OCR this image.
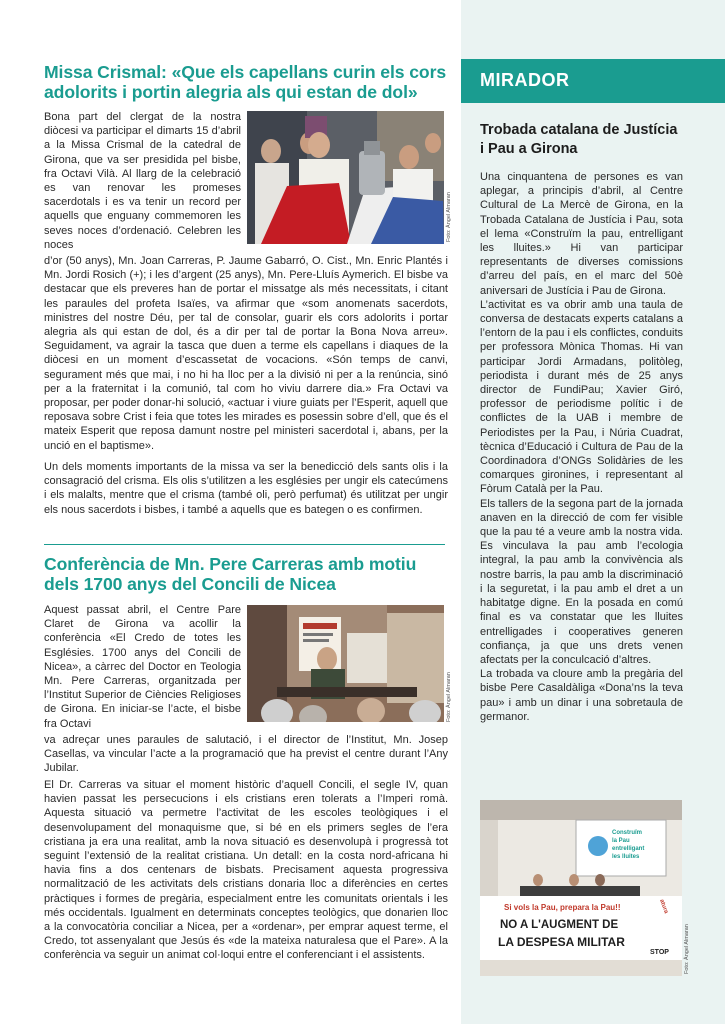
Missa Crismal: «Que els capellans curin els cors adolorits i portin alegria als qui estan de dol»
Bona part del clergat de la nostra diòcesi va participar el dimarts 15 d’abril a la Missa Crismal de la catedral de Girona, que va ser presidida pel bisbe, fra Octavi Vilà. Al llarg de la celebració es van renovar les promeses sacerdotals i es va tenir un record per aquells que enguany commemoren les seves noces d’ordenació. Celebren les noces
Foto: Àngel Almaran
d’or (50 anys), Mn. Joan Carreras, P. Jaume Gabarró, O. Cist., Mn. Enric Plantés i Mn. Jordi Rosich (+); i les d’argent (25 anys), Mn. Pere-Lluís Aymerich. El bisbe va destacar que els preveres han de portar el missatge als més necessitats, i citant les paraules del profeta Isaïes, va afirmar que «som anomenats sacerdots, ministres del nostre Déu, per tal de consolar, guarir els cors adolorits i portar alegria als qui estan de dol, és a dir per tal de portar la Bona Nova arreu». Seguidament, va agrair la tasca que duen a terme els capellans i diaques de la diòcesi en un moment d’escassetat de vocacions. «Són temps de canvi, segurament més que mai, i no hi ha lloc per a la divisió ni per a la renúncia, sinó per a la fraternitat i la comunió, tal com ho viviu darrere dia.» Fra Octavi va proposar, per poder donar-hi solució, «actuar i viure guiats per l’Esperit, aquell que reposava sobre Crist i feia que totes les mirades es posessin sobre d’ell, que és el mateix Esperit que reposa damunt nostre pel ministeri sacerdotal i, abans, per la unció en el baptisme».
Un dels moments importants de la missa va ser la benedicció dels sants olis i la consagració del crisma. Els olis s’utilitzen a les esglésies per ungir els catecúmens i els malalts, mentre que el crisma (també oli, però perfumat) és utilitzat per ungir els nous sacerdots i bisbes, i també a aquells que es bategen o es confirmen.
Conferència de Mn. Pere Carreras amb motiu dels 1700 anys del Concili de Nicea
Aquest passat abril, el Centre Pare Claret de Girona va acollir la conferència «El Credo de totes les Esglésies. 1700 anys del Concili de Nicea», a càrrec del Doctor en Teologia Mn. Pere Carreras, organitzada per l’Institut Superior de Ciències Religioses de Girona. En iniciar-se l’acte, el bisbe fra Octavi
Foto: Àngel Almaran
va adreçar unes paraules de salutació, i el director de l’Institut, Mn. Josep Casellas, va vincular l’acte a la programació que ha previst el centre durant l’Any Jubilar.
El Dr. Carreras va situar el moment històric d’aquell Concili, el segle IV, quan havien passat les persecucions i els cristians eren tolerats a l’Imperi romà. Aquesta situació va permetre l’activitat de les escoles teològiques i el desenvolupament del monaquisme que, si bé en els primers segles de l’era cristiana ja era una realitat, amb la nova situació es desenvolupà i progressà tot seguint l’extensió de la realitat cristiana. Un detall: en la costa nord-africana hi havia fins a dos centenars de bisbats. Precisament aquesta progressiva normalització de les activitats dels cristians donaria lloc a diferències en certes pràctiques i formes de pregària, especialment entre les comunitats orientals i les més occidentals. Igualment en determinats conceptes teològics, que donarien lloc a la convocatòria conciliar a Nicea, per a «ordenar», per emprar aquest terme, el Credo, tot assenyalant que Jesús és «de la mateixa naturalesa que el Pare». A la conferència va seguir un animat col·loqui entre el conferenciant i el assistents.
MIRADOR
Trobada catalana de Justícia i Pau a Girona

Una cinquantena de persones es van aplegar, a principis d’abril, al Centre Cultural de La Mercè de Girona, en la Trobada Catalana de Justícia i Pau, sota el lema «Construïm la pau, entrelligant les lluites.» Hi van participar representants de diverses comissions d’arreu del país, en el marc del 50è aniversari de Justícia i Pau de Girona.

L’activitat es va obrir amb una taula de conversa de destacats experts catalans a l’entorn de la pau i els conflictes, conduits per professora Mònica Thomas. Hi van participar Jordi Armadans, politòleg, periodista i durant més de 25 anys director de FundiPau; Xavier Giró, professor de periodisme polític i de conflictes de la UAB i membre de Periodistes per la Pau, i Núria Cuadrat, tècnica d’Educació i Cultura de Pau de la Coordinadora d’ONGs Solidàries de les comarques gironines, i representant al Fòrum Català per la Pau.

Els tallers de la segona part de la jornada anaven en la direcció de com fer visible que la pau té a veure amb la nostra vida. Es vinculava la pau amb l’ecologia integral, la pau amb la convivència als nostre barris, la pau amb la discriminació i la seguretat, i la pau amb el dret a un habitatge digne. En la posada en comú final es va constatar que les lluites entrelligades i cooperatives generen confiança, ja que uns drets venen afectats per la conculcació d’altres.

La trobada va cloure amb la pregària del bisbe Pere Casaldàliga «Dona’ns la teva pau» i amb un dinar i una sobretaula de germanor.

Construïm
la Pau
entrelligant
les lluites
Si vols la Pau, prepara la Pau!!
NO A L'AUGMENT DE
LA DESPESA MILITAR
atura
STOP	Foto: Àngel Almaran
